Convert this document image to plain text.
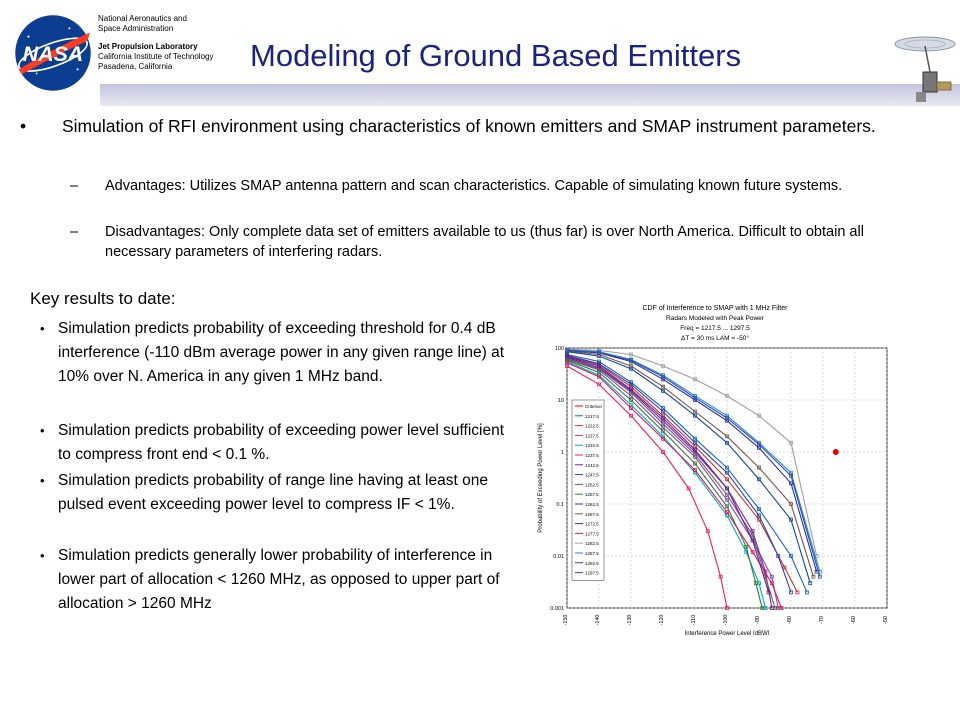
NASA
National Aeronautics and
Space Administration
Jet Propulsion Laboratory
California Institute of Technology
Pasadena, California	Modeling of Ground Based Emitters
• Simulation of RFI environment using characteristics of known emitters and SMAP instrument parameters.
– Advantages: Utilizes SMAP antenna pattern and scan characteristics. Capable of simulating known future systems.
– Disadvantages: Only complete data set of emitters available to us (thus far) is over North America. Difficult to obtain all necessary parameters of interfering radars.
Key results to date:
• Simulation predicts probability of exceeding threshold for 0.4 dB interference (-110 dBm average power in any given range line) at 10% over N. America in any given 1 MHz band.
• Simulation predicts probability of exceeding power level sufficient to compress front end < 0.1 %.
• Simulation predicts probability of range line having at least one pulsed event exceeding power level to compress IF < 1%.
• Simulation predicts generally lower probability of interference in lower part of allocation < 1260 MHz, as opposed to upper part of allocation > 1260 MHz
CDF of Interference to SMAP with 1 MHz Filter
Radars Modeled with Peak Power
Freq = 1217.5 ... 1297.5
ΔT = 30 ms LAM = -50°
-150	-140	-130	-120	-110	-100	-90	-80	-70	-60	-50
100
10
1
0.1
0.01
0.001
Interference Power Level [dBW]
Probability of Exceeding Power Level [%]
Criterion
1217.5
1222.5
1227.5
1232.5
1237.5
1242.5
1247.5
1252.5
1257.5
1262.5
1267.5
1272.5
1277.5
1282.5
1287.5
1292.5
1297.5
